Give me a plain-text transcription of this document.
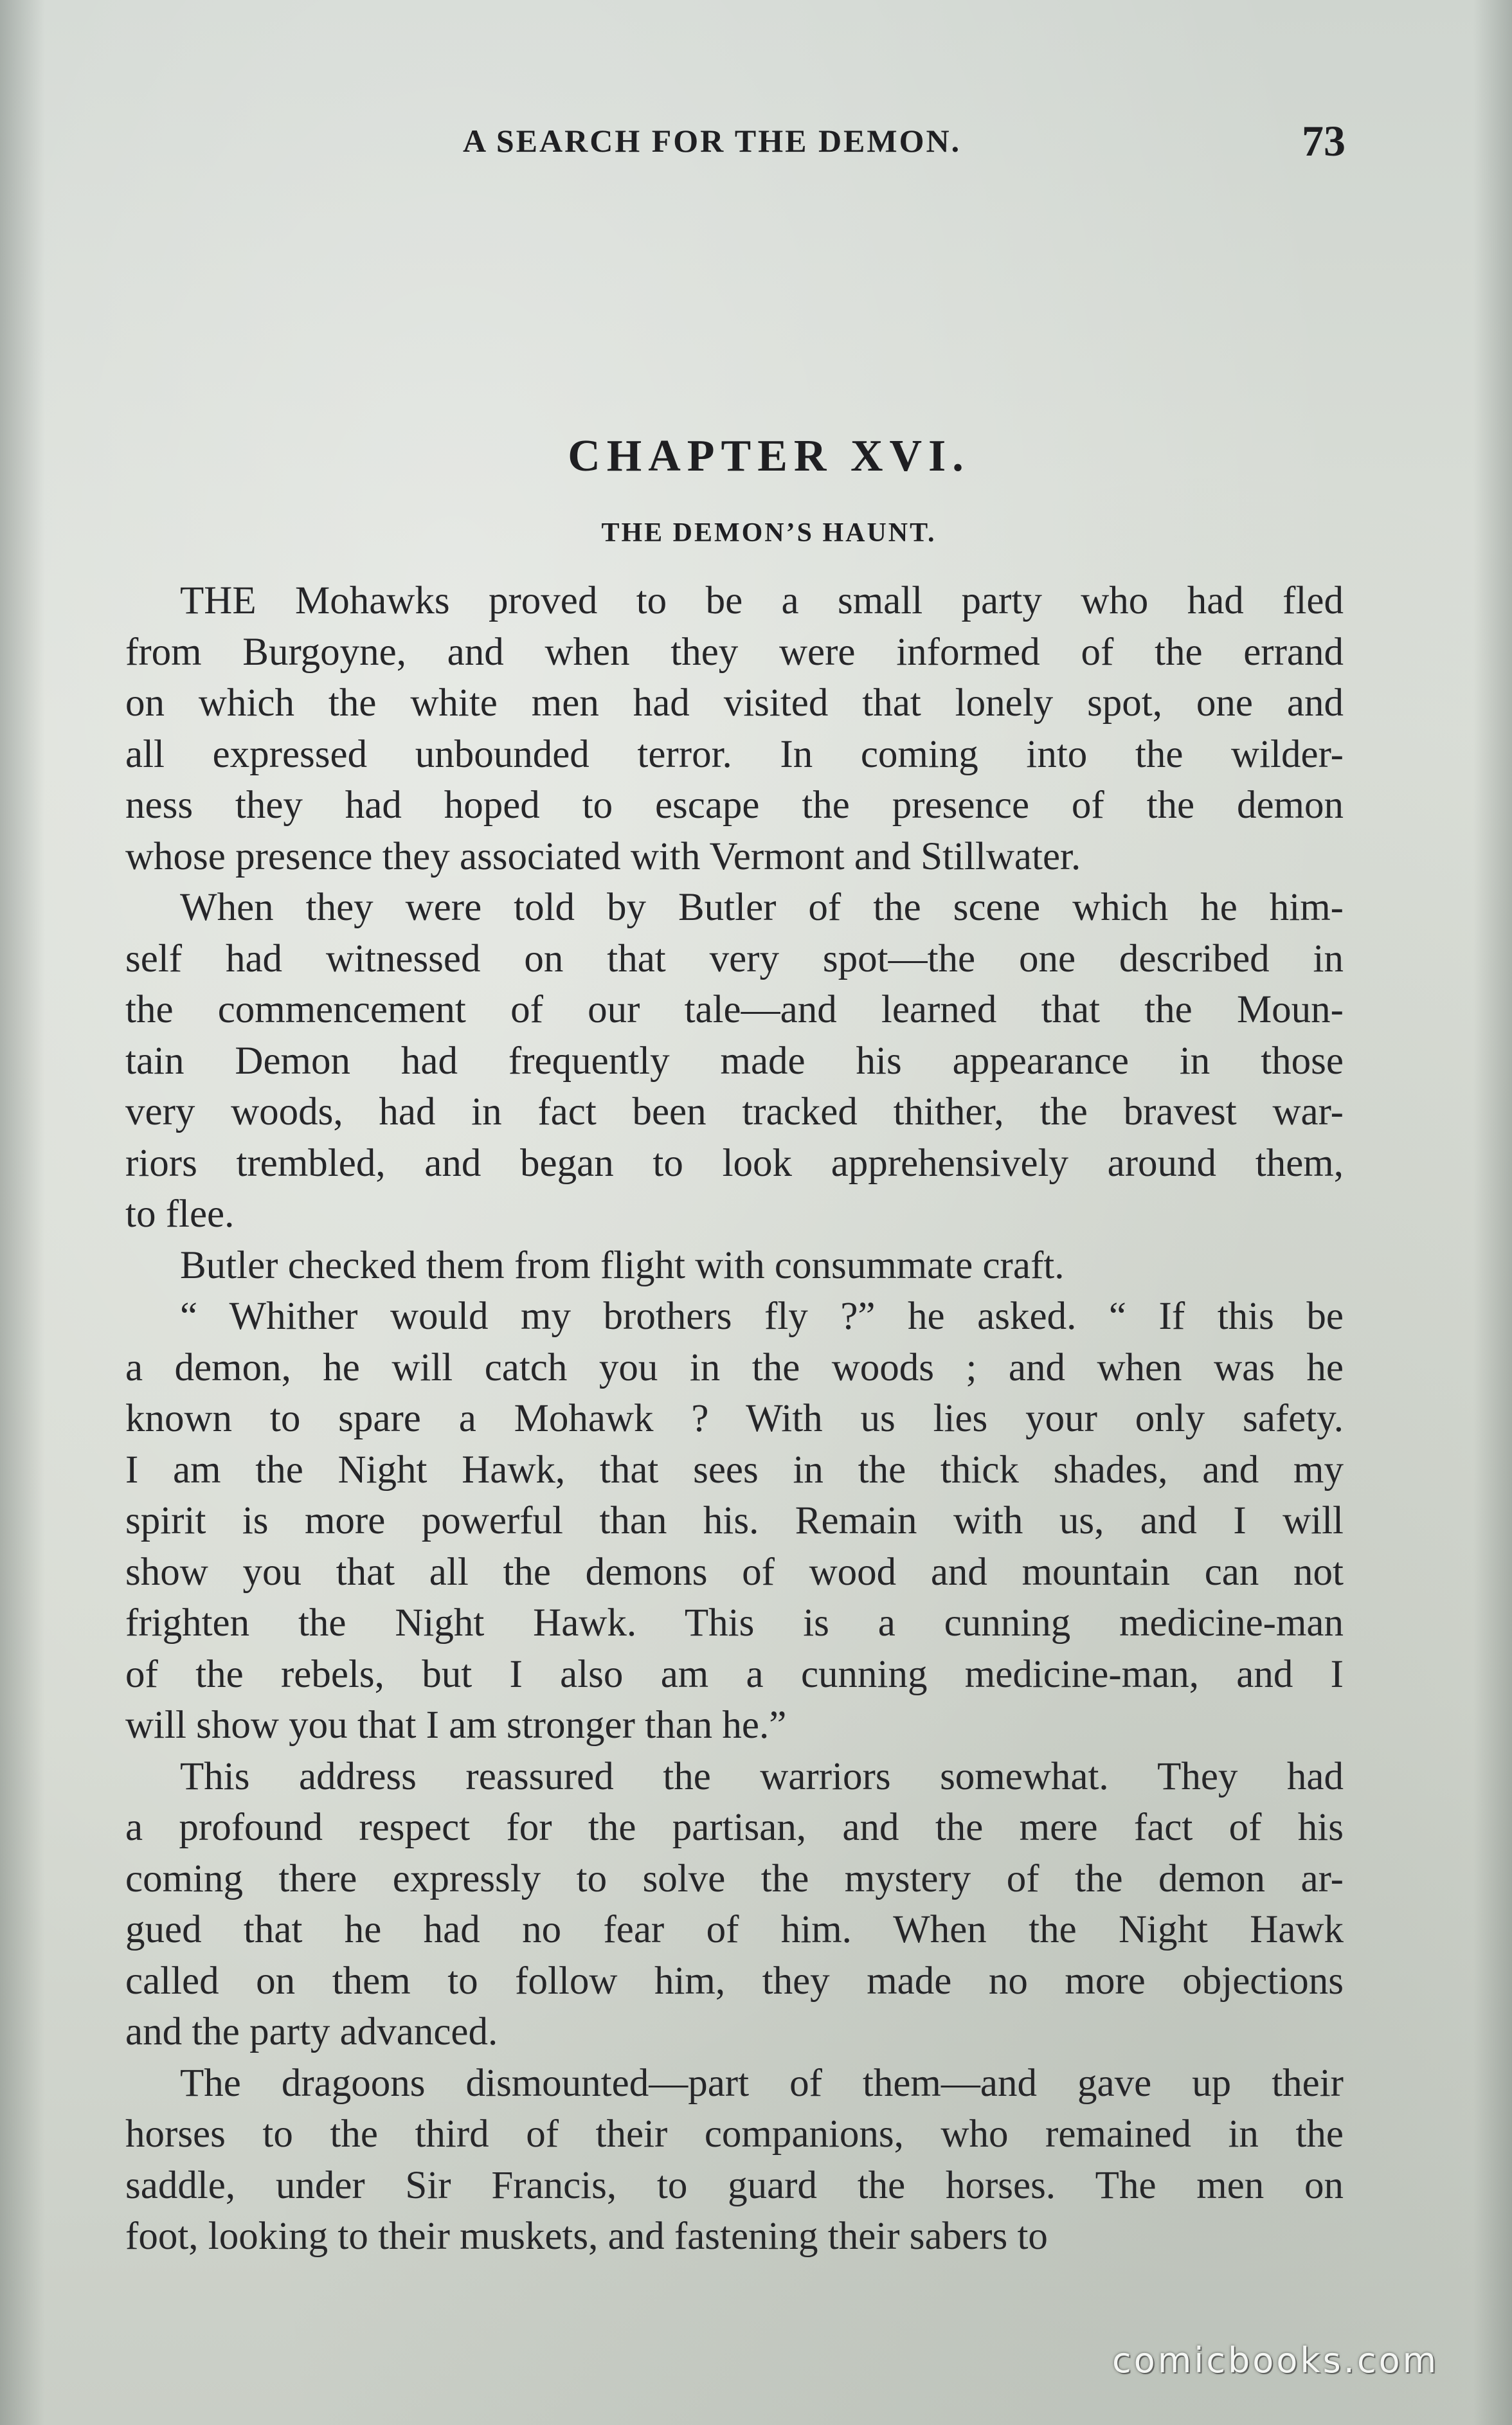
A SEARCH FOR THE DEMON.	73
CHAPTER XVI.
THE DEMON’S HAUNT.
THE Mohawks proved to be a small party who had fled
from Burgoyne, and when they were informed of the errand
on which the white men had visited that lonely spot, one and
all expressed unbounded terror. In coming into the wilder-
ness they had hoped to escape the presence of the demon
whose presence they associated with Vermont and Stillwater.
When they were told by Butler of the scene which he him-
self had witnessed on that very spot—the one described in
the commencement of our tale—and learned that the Moun-
tain Demon had frequently made his appearance in those
very woods, had in fact been tracked thither, the bravest war-
riors trembled, and began to look apprehensively around them,
to flee.
Butler checked them from flight with consummate craft.
“ Whither would my brothers fly ?” he asked. “ If this be
a demon, he will catch you in the woods ; and when was he
known to spare a Mohawk ? With us lies your only safety.
I am the Night Hawk, that sees in the thick shades, and my
spirit is more powerful than his. Remain with us, and I will
show you that all the demons of wood and mountain can not
frighten the Night Hawk. This is a cunning medicine-man
of the rebels, but I also am a cunning medicine-man, and I
will show you that I am stronger than he.”
This address reassured the warriors somewhat. They had
a profound respect for the partisan, and the mere fact of his
coming there expressly to solve the mystery of the demon ar-
gued that he had no fear of him. When the Night Hawk
called on them to follow him, they made no more objections
and the party advanced.
The dragoons dismounted—part of them—and gave up their
horses to the third of their companions, who remained in the
saddle, under Sir Francis, to guard the horses. The men on
foot, looking to their muskets, and fastening their sabers to
comicbooks.com
